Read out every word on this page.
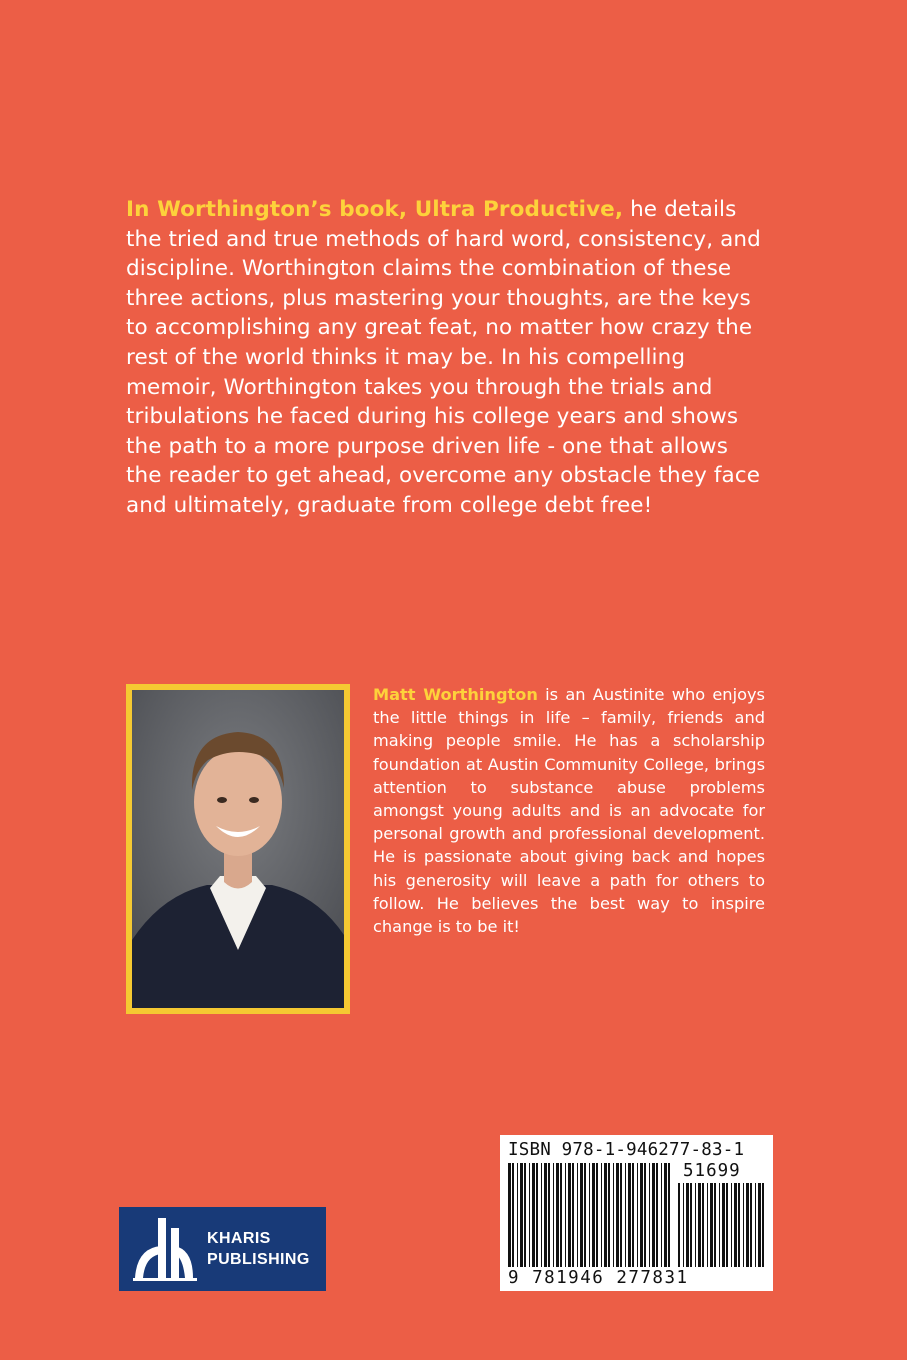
In Worthington’s book, Ultra Productive, he details the tried and true methods of hard word, consistency, and discipline. Worthington claims the combination of these three actions, plus mastering your thoughts, are the keys to accomplishing any great feat, no matter how crazy the rest of the world thinks it may be. In his compelling memoir, Worthington takes you through the trials and tribulations he faced during his college years and shows the path to a more purpose driven life - one that allows the reader to get ahead, overcome any obstacle they face and ultimately, graduate from college debt free!
Matt Worthington is an Austinite who enjoys the little things in life – family, friends and making people smile. He has a scholarship foundation at Austin Community College, brings attention to substance abuse problems amongst young adults and is an advocate for personal growth and professional development. He is passionate about giving back and hopes his generosity will leave a path for others to follow. He believes the best way to inspire change is to be it!
KHARIS
PUBLISHING
ISBN 978-1-946277-83-1
51699
9 781946 277831
